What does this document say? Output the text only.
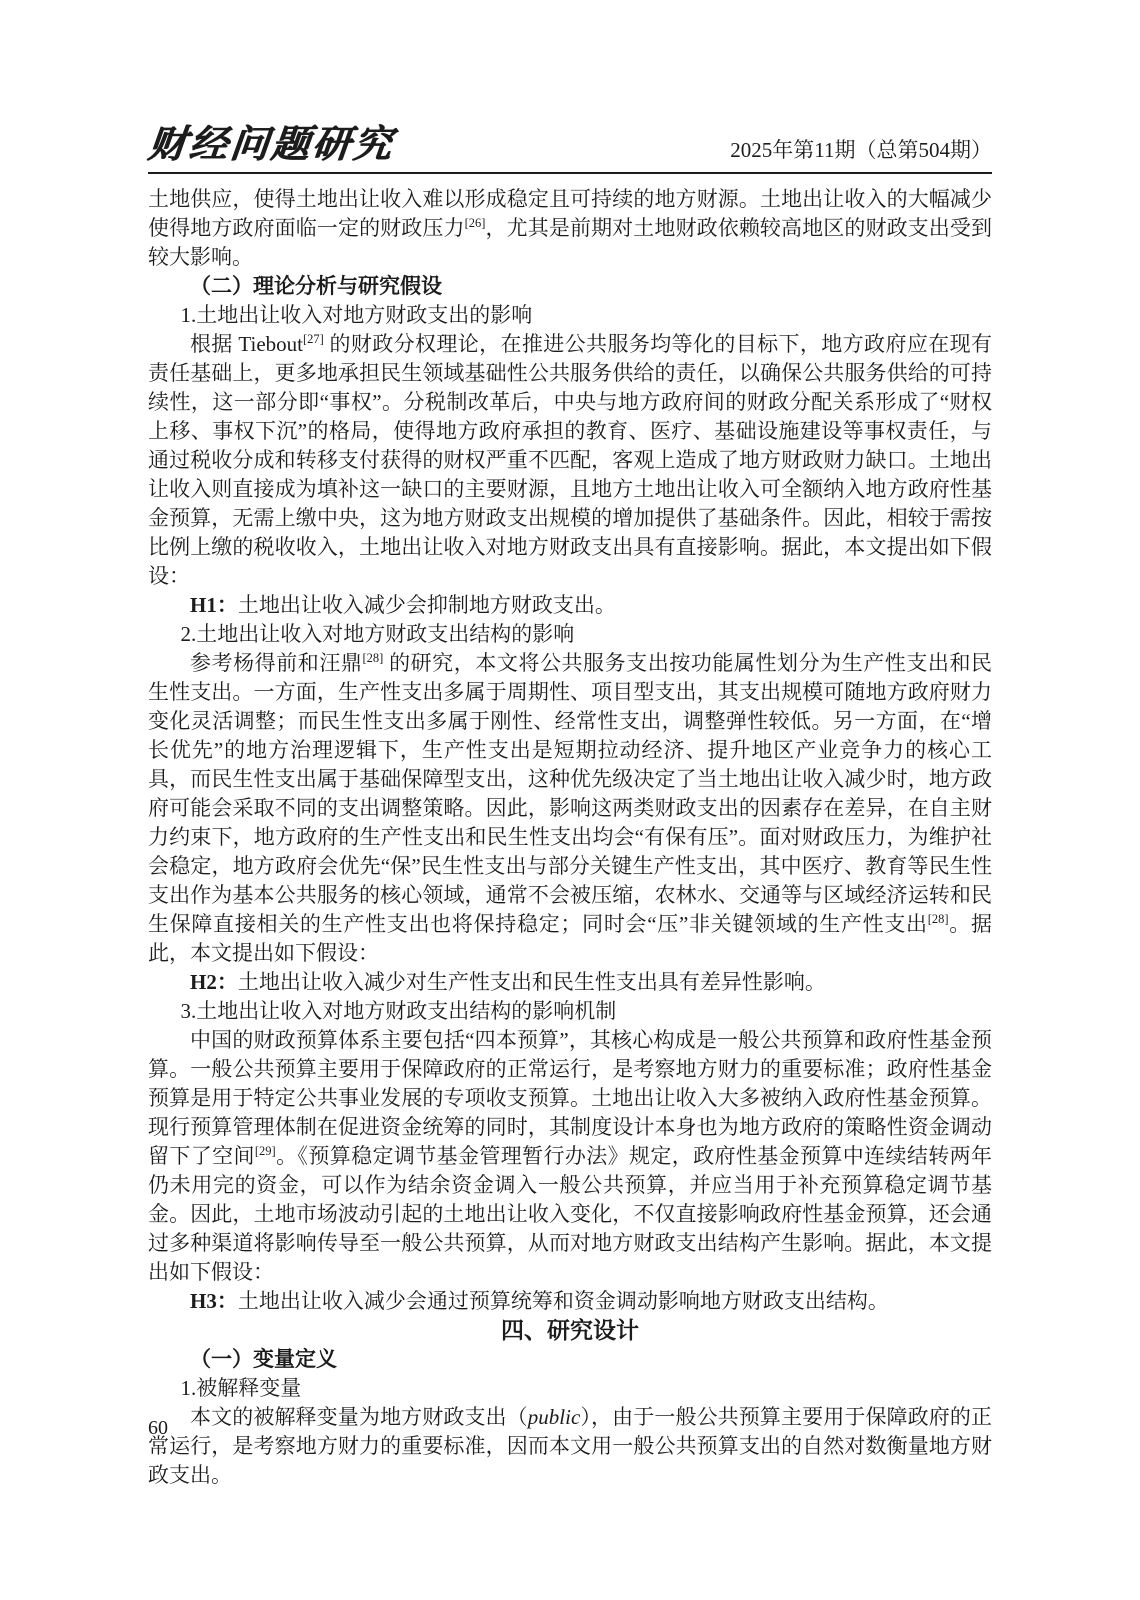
财经问题研究	2025年第11期（总第504期）

土地供应，使得土地出让收入难以形成稳定且可持续的地方财源。土地出让收入的大幅减少使得地方政府面临一定的财政压力[26]，尤其是前期对土地财政依赖较高地区的财政支出受到较大影响。

（二）理论分析与研究假设

1.土地出让收入对地方财政支出的影响

根据 Tiebout[27] 的财政分权理论，在推进公共服务均等化的目标下，地方政府应在现有责任基础上，更多地承担民生领域基础性公共服务供给的责任，以确保公共服务供给的可持续性，这一部分即“事权”。分税制改革后，中央与地方政府间的财政分配关系形成了“财权上移、事权下沉”的格局，使得地方政府承担的教育、医疗、基础设施建设等事权责任，与通过税收分成和转移支付获得的财权严重不匹配，客观上造成了地方财政财力缺口。土地出让收入则直接成为填补这一缺口的主要财源，且地方土地出让收入可全额纳入地方政府性基金预算，无需上缴中央，这为地方财政支出规模的增加提供了基础条件。因此，相较于需按比例上缴的税收收入，土地出让收入对地方财政支出具有直接影响。据此，本文提出如下假设：

H1：土地出让收入减少会抑制地方财政支出。

2.土地出让收入对地方财政支出结构的影响

参考杨得前和汪鼎[28] 的研究，本文将公共服务支出按功能属性划分为生产性支出和民生性支出。一方面，生产性支出多属于周期性、项目型支出，其支出规模可随地方政府财力变化灵活调整；而民生性支出多属于刚性、经常性支出，调整弹性较低。另一方面，在“增长优先”的地方治理逻辑下，生产性支出是短期拉动经济、提升地区产业竞争力的核心工具，而民生性支出属于基础保障型支出，这种优先级决定了当土地出让收入减少时，地方政府可能会采取不同的支出调整策略。因此，影响这两类财政支出的因素存在差异，在自主财力约束下，地方政府的生产性支出和民生性支出均会“有保有压”。面对财政压力，为维护社会稳定，地方政府会优先“保”民生性支出与部分关键生产性支出，其中医疗、教育等民生性支出作为基本公共服务的核心领域，通常不会被压缩，农林水、交通等与区域经济运转和民生保障直接相关的生产性支出也将保持稳定；同时会“压”非关键领域的生产性支出[28]。据此，本文提出如下假设：

H2：土地出让收入减少对生产性支出和民生性支出具有差异性影响。

3.土地出让收入对地方财政支出结构的影响机制

中国的财政预算体系主要包括“四本预算”，其核心构成是一般公共预算和政府性基金预算。一般公共预算主要用于保障政府的正常运行，是考察地方财力的重要标准；政府性基金预算是用于特定公共事业发展的专项收支预算。土地出让收入大多被纳入政府性基金预算。现行预算管理体制在促进资金统筹的同时，其制度设计本身也为地方政府的策略性资金调动留下了空间[29]。《预算稳定调节基金管理暂行办法》规定，政府性基金预算中连续结转两年仍未用完的资金，可以作为结余资金调入一般公共预算，并应当用于补充预算稳定调节基金。因此，土地市场波动引起的土地出让收入变化，不仅直接影响政府性基金预算，还会通过多种渠道将影响传导至一般公共预算，从而对地方财政支出结构产生影响。据此，本文提出如下假设：

H3：土地出让收入减少会通过预算统筹和资金调动影响地方财政支出结构。

四、研究设计

（一）变量定义

1.被解释变量

本文的被解释变量为地方财政支出（public），由于一般公共预算主要用于保障政府的正常运行，是考察地方财力的重要标准，因而本文用一般公共预算支出的自然对数衡量地方财政支出。

60
